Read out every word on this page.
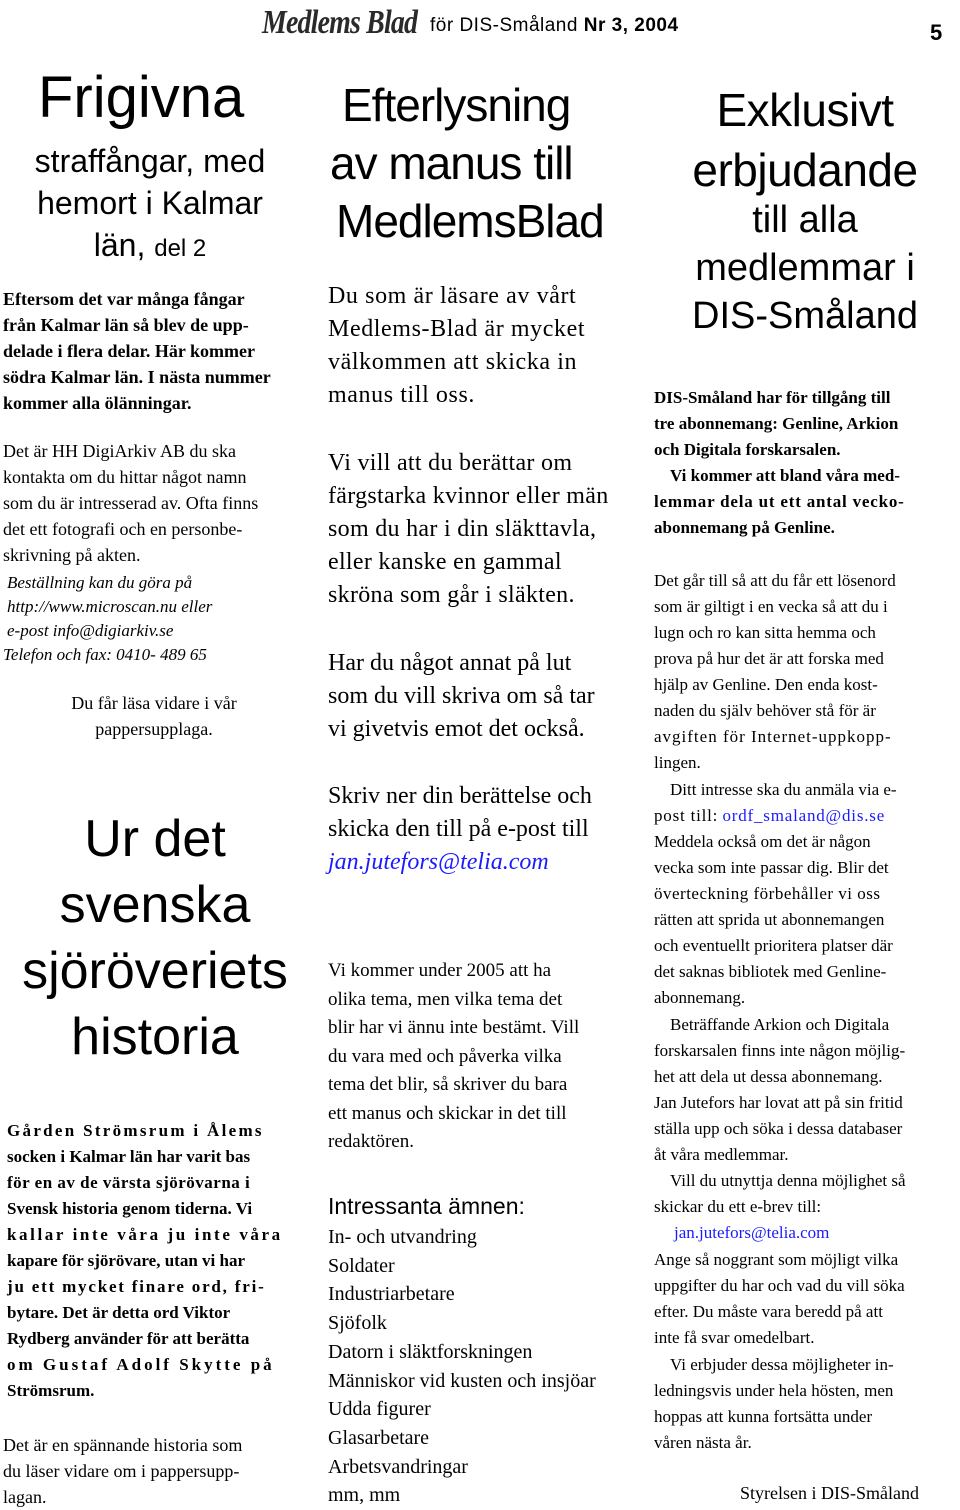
Medlems Blad för DIS-Småland Nr 3, 2004	5
Frigivna
straffångar, med
hemort i Kalmar
län, del 2
Eftersom det var många fångar
från Kalmar län så blev de upp-
delade i flera delar. Här kommer
södra Kalmar län. I nästa nummer
kommer alla ölänningar.
Det är HH DigiArkiv AB du ska
kontakta om du hittar något namn
som du är intresserad av. Ofta finns
det ett fotografi och en personbe-
skrivning på akten.
Beställning kan du göra på
http://www.microscan.nu eller
e-post info@digiarkiv.se
Telefon och fax: 0410- 489 65
Du får läsa vidare i vår
pappersupplaga.
Ur det
svenska
sjöröveriets
historia
Gården Strömsrum i Ålems
socken i Kalmar län har varit bas
för en av de värsta sjörövarna i
Svensk historia genom tiderna. Vi
kallar inte våra ju inte våra
kapare för sjörövare, utan vi har
ju ett mycket finare ord, fri-
bytare. Det är detta ord Viktor
Rydberg använder för att berätta
om Gustaf Adolf Skytte på
Strömsrum.
Det är en spännande historia som
du läser vidare om i pappersupp-
lagan.
Efterlysning
av manus till
MedlemsBlad
Du som är läsare av vårt
Medlems-Blad är mycket
välkommen att skicka in
manus till oss.
Vi vill att du berättar om
färgstarka kvinnor eller män
som du har i din släkttavla,
eller kanske en gammal
skröna som går i släkten.
Har du något annat på lut
som du vill skriva om så tar
vi givetvis emot det också.
Skriv ner din berättelse och
skicka den till på e-post till
jan.jutefors@telia.com
Vi kommer under 2005 att ha
olika tema, men vilka tema det
blir har vi ännu inte bestämt. Vill
du vara med och påverka vilka
tema det blir, så skriver du bara
ett manus och skickar in det till
redaktören.
Intressanta ämnen:
In- och utvandring
Soldater
Industriarbetare
Sjöfolk
Datorn i släktforskningen
Människor vid kusten och insjöar
Udda figurer
Glasarbetare
Arbetsvandringar
mm, mm
Exklusivt
erbjudande
till alla
medlemmar i
DIS-Småland
DIS-Småland har för tillgång till
tre abonnemang: Genline, Arkion
och Digitala forskarsalen.
Vi kommer att bland våra med-
lemmar dela ut ett antal vecko-
abonnemang på Genline.
Det går till så att du får ett lösenord
som är giltigt i en vecka så att du i
lugn och ro kan sitta hemma och
prova på hur det är att forska med
hjälp av Genline. Den enda kost-
naden du själv behöver stå för är
avgiften för Internet-uppkopp-
lingen.
Ditt intresse ska du anmäla via e-
post till: ordf_smaland@dis.se
Meddela också om det är någon
vecka som inte passar dig. Blir det
överteckning förbehåller vi oss
rätten att sprida ut abonnemangen
och eventuellt prioritera platser där
det saknas bibliotek med Genline-
abonnemang.
Beträffande Arkion och Digitala
forskarsalen finns inte någon möjlig-
het att dela ut dessa abonnemang.
Jan Jutefors har lovat att på sin fritid
ställa upp och söka i dessa databaser
åt våra medlemmar.
Vill du utnyttja denna möjlighet så
skickar du ett e-brev till:
jan.jutefors@telia.com
Ange så noggrant som möjligt vilka
uppgifter du har och vad du vill söka
efter. Du måste vara beredd på att
inte få svar omedelbart.
Vi erbjuder dessa möjligheter in-
ledningsvis under hela hösten, men
hoppas att kunna fortsätta under
våren nästa år.
Styrelsen i DIS-Småland
